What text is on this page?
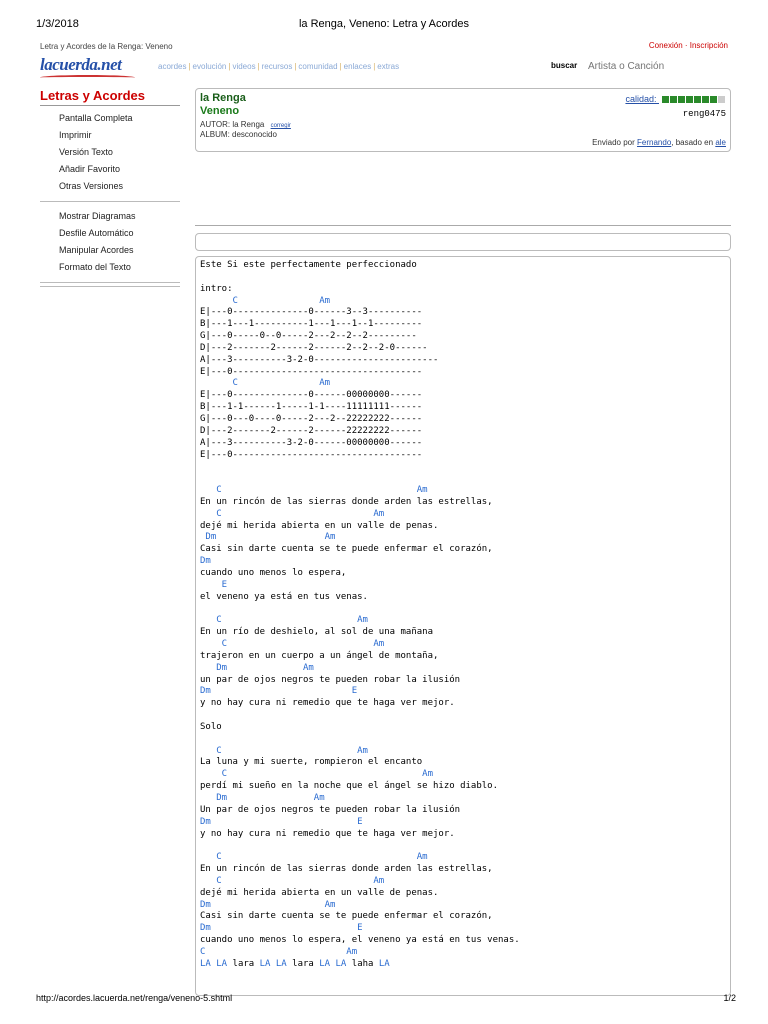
1/3/2018	la Renga, Veneno: Letra y Acordes
Letra y Acordes de la Renga: Veneno	Conexión · Inscripción
lacuerda.net	acordes | evolución | videos | recursos | comunidad | enlaces | extras	buscar
Artista o Canción
Letras y Acordes
Pantalla Completa
Imprimir
Versión Texto
Añadir Favorito
Otras Versiones
Mostrar Diagramas
Desfile Automático
Manipular Acordes
Formato del Texto
la Renga
Veneno
AUTOR: la Renga corregir
ALBUM: desconocido
calidad:
reng0475
Enviado por Fernando, basado en ale
Este Si este perfectamente perfeccionado

intro:
C               Am
E|---0--------------0------3--3----------
B|---1---1----------1---1---1--1---------
G|---0-----0--0-----2---2--2--2---------
D|---2-------2------2------2--2--2-0------
A|---3----------3-2-0-----------------------
E|---0-----------------------------------
C               Am
E|---0--------------0------00000000------
B|---1-1------1-----1-1----11111111------
G|---0---0----0-----2---2--22222222------
D|---2-------2------2------22222222------
A|---3----------3-2-0------00000000------
E|---0-----------------------------------

C                                    Am
En un rincón de las sierras donde arden las estrellas,
C                            Am
dejé mi herida abierta en un valle de penas.
Dm                    Am
Casi sin darte cuenta se te puede enfermar el corazón,
Dm
cuando uno menos lo espera,
E
el veneno ya está en tus venas.

C                         Am
En un río de deshielo, al sol de una mañana
C                           Am
trajeron en un cuerpo a un ángel de montaña,
Dm              Am
un par de ojos negros te pueden robar la ilusión
Dm                          E
y no hay cura ni remedio que te haga ver mejor.

Solo

C                         Am
La luna y mi suerte, rompieron el encanto
C                                    Am
perdí mi sueño en la noche que el ángel se hizo diablo.
Dm                Am
Un par de ojos negros te pueden robar la ilusión
Dm                           E
y no hay cura ni remedio que te haga ver mejor.

C                                    Am
En un rincón de las sierras donde arden las estrellas,
C                            Am
dejé mi herida abierta en un valle de penas.
Dm                     Am
Casi sin darte cuenta se te puede enfermar el corazón,
Dm                           E
cuando uno menos lo espera, el veneno ya está en tus venas.
C                          Am
LA LA lara LA LA lara LA LA laha LA
http://acordes.lacuerda.net/renga/veneno-5.shtml	1/2
